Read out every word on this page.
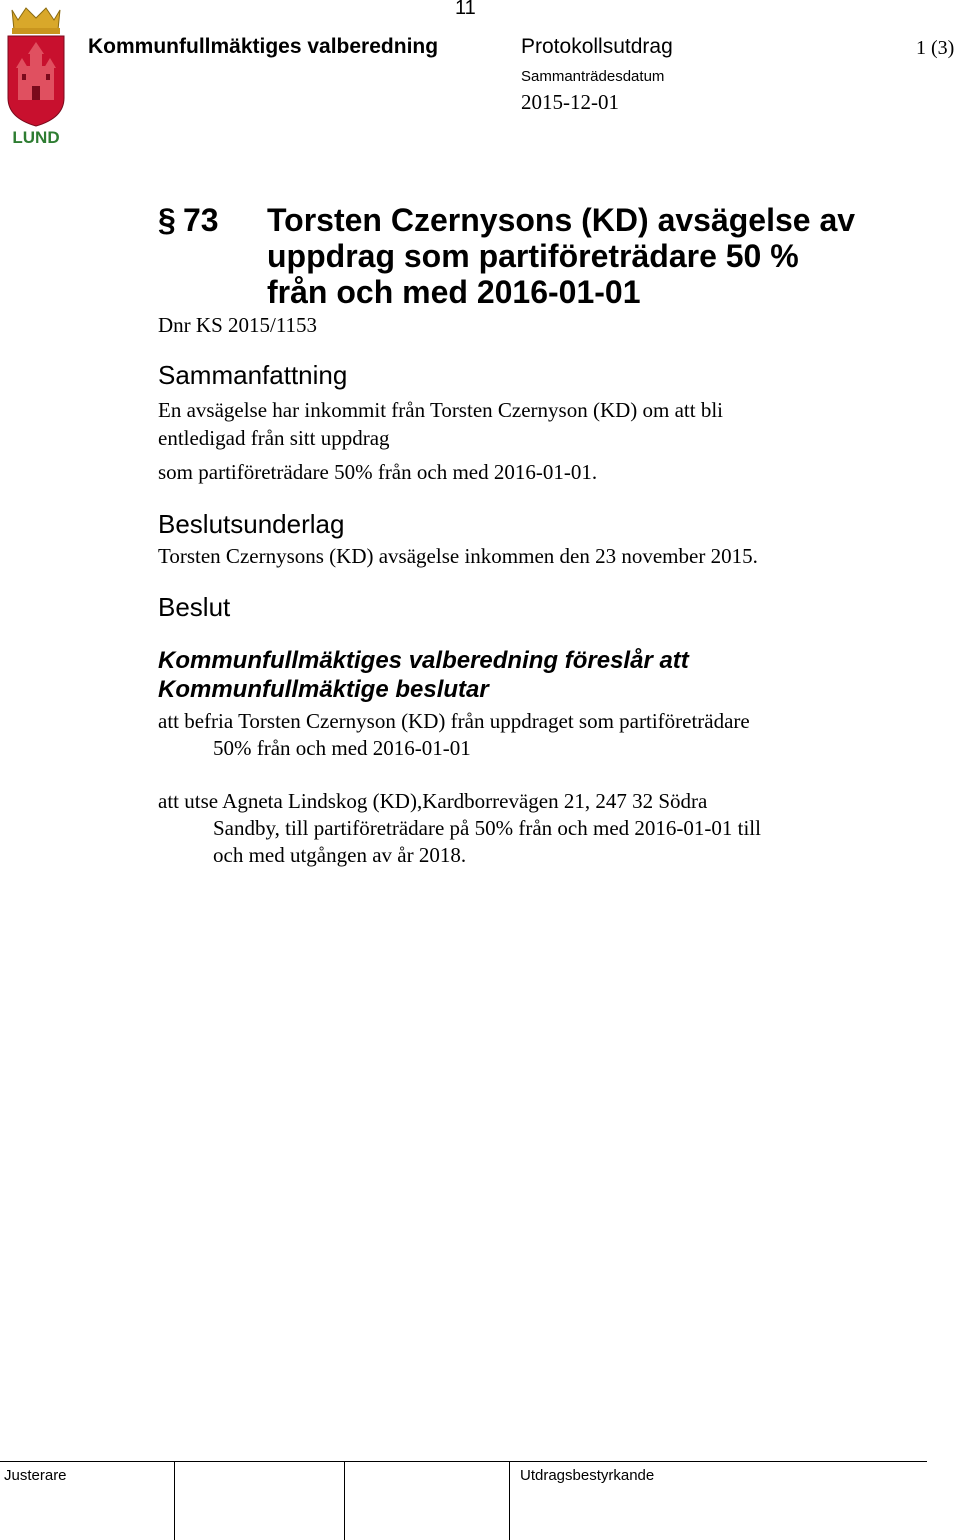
11
LUND
Kommunfullmäktiges valberedning	Protokollsutdrag	1 (3)
Sammanträdesdatum
2015-12-01
§ 73 Torsten Czernysons (KD) avsägelse av
uppdrag som partiföreträdare 50 %
från och med 2016-01-01
Dnr KS 2015/1153
Sammanfattning
En avsägelse har inkommit från Torsten Czernyson (KD) om att bli
entledigad från sitt uppdrag
som partiföreträdare 50% från och med 2016-01-01.
Beslutsunderlag
Torsten Czernysons (KD) avsägelse inkommen den 23 november 2015.
Beslut
Kommunfullmäktiges valberedning föreslår att
Kommunfullmäktige beslutar
att befria Torsten Czernyson (KD) från uppdraget som partiföreträdare
50% från och med 2016-01-01
att utse Agneta Lindskog (KD),Kardborrevägen 21, 247 32 Södra
Sandby, till partiföreträdare på 50% från och med 2016-01-01 till
och med utgången av år 2018.
Justerare	Utdragsbestyrkande
